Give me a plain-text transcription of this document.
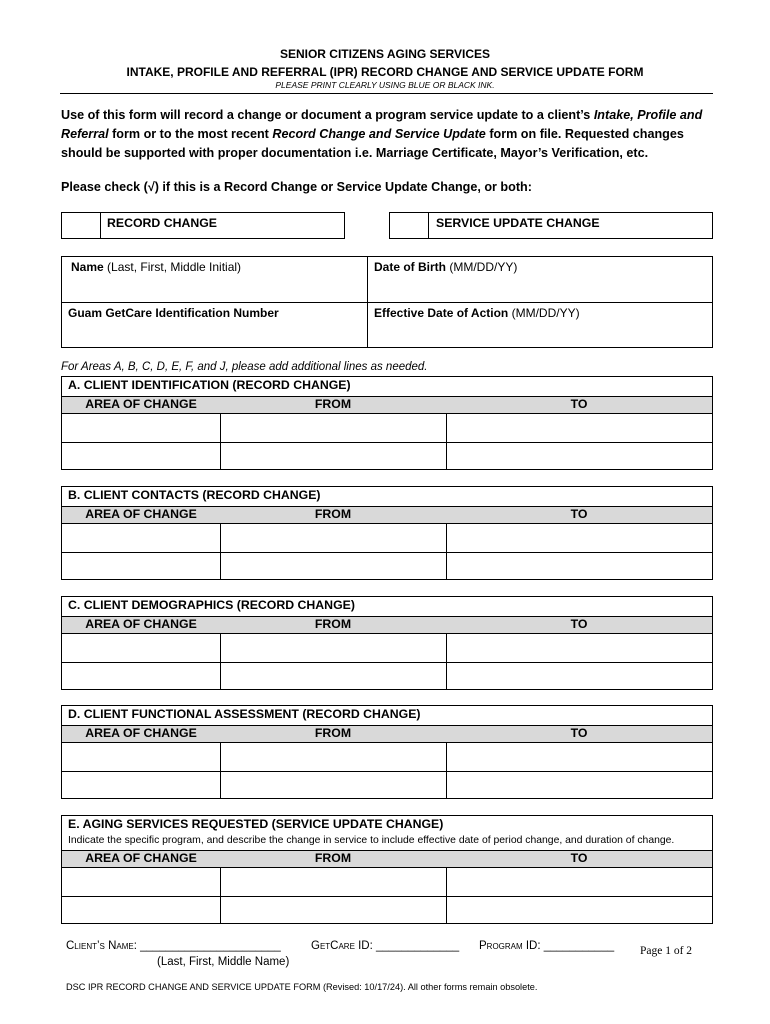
SENIOR CITIZENS AGING SERVICES
INTAKE, PROFILE AND REFERRAL (IPR) RECORD CHANGE AND SERVICE UPDATE FORM
PLEASE PRINT CLEARLY USING BLUE OR BLACK INK.
Use of this form will record a change or document a program service update to a client’s Intake, Profile and Referral form or to the most recent Record Change and Service Update form on file. Requested changes should be supported with proper documentation i.e. Marriage Certificate, Mayor’s Verification, etc.
Please check (√) if this is a Record Change or Service Update Change, or both:
RECORD CHANGE	SERVICE UPDATE CHANGE
Name (Last, First, Middle Initial)	Date of Birth (MM/DD/YY)
Guam GetCare Identification Number	Effective Date of Action (MM/DD/YY)
For Areas A, B, C, D, E, F, and J, please add additional lines as needed.
A. CLIENT IDENTIFICATION (RECORD CHANGE)
AREA OF CHANGE	FROM	TO
B. CLIENT CONTACTS (RECORD CHANGE)
AREA OF CHANGE	FROM	TO
C. CLIENT DEMOGRAPHICS (RECORD CHANGE)
AREA OF CHANGE	FROM	TO
D. CLIENT FUNCTIONAL ASSESSMENT (RECORD CHANGE)
AREA OF CHANGE	FROM	TO
E. AGING SERVICES REQUESTED (SERVICE UPDATE CHANGE)
Indicate the specific program, and describe the change in service to include effective date of period change, and duration of change.
AREA OF CHANGE	FROM	TO
Client’s Name: ______________________	GetCare ID: _____________ Program ID: ___________ Page 1 of 2
(Last, First, Middle Name)
DSC IPR RECORD CHANGE AND SERVICE UPDATE FORM (Revised: 10/17/24). All other forms remain obsolete.
